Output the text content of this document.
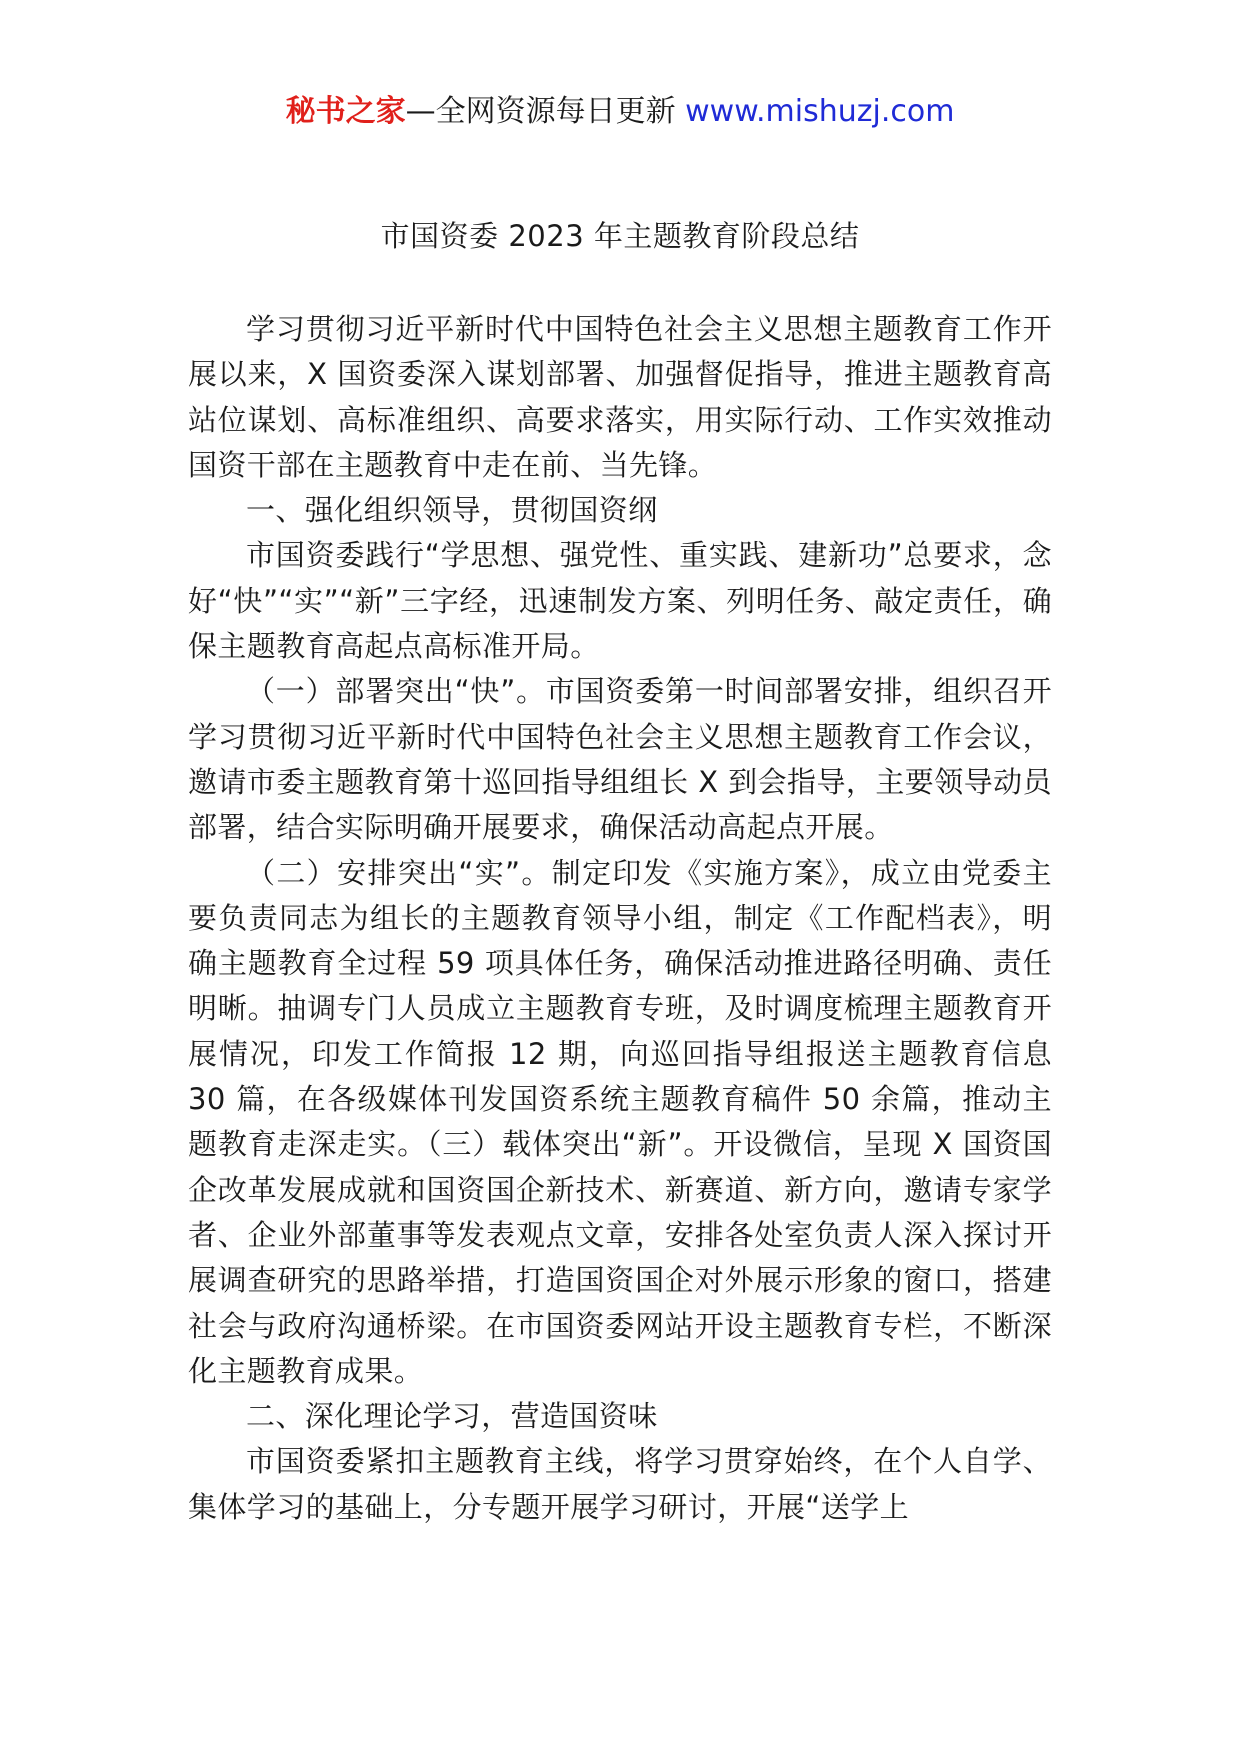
秘书之家—全网资源每日更新 www.mishuzj.com
市国资委 2023 年主题教育阶段总结

学习贯彻习近平新时代中国特色社会主义思想主题教育工作开展以来，X 国资委深入谋划部署、加强督促指导，推进主题教育高站位谋划、高标准组织、高要求落实，用实际行动、工作实效推动国资干部在主题教育中走在前、当先锋。

一、强化组织领导，贯彻国资纲

市国资委践行“学思想、强党性、重实践、建新功”总要求，念好“快”“实”“新”三字经，迅速制发方案、列明任务、敲定责任，确保主题教育高起点高标准开局。

（一）部署突出“快”。市国资委第一时间部署安排，组织召开学习贯彻习近平新时代中国特色社会主义思想主题教育工作会议，邀请市委主题教育第十巡回指导组组长 X 到会指导，主要领导动员部署，结合实际明确开展要求，确保活动高起点开展。

（二）安排突出“实”。制定印发《实施方案》，成立由党委主要负责同志为组长的主题教育领导小组，制定《工作配档表》，明确主题教育全过程 59 项具体任务，确保活动推进路径明确、责任明晰。抽调专门人员成立主题教育专班，及时调度梳理主题教育开展情况，印发工作简报 12 期，向巡回指导组报送主题教育信息 30 篇，在各级媒体刊发国资系统主题教育稿件 50 余篇，推动主题教育走深走实。（三）载体突出“新”。开设微信，呈现 X 国资国企改革发展成就和国资国企新技术、新赛道、新方向，邀请专家学者、企业外部董事等发表观点文章，安排各处室负责人深入探讨开展调查研究的思路举措，打造国资国企对外展示形象的窗口，搭建社会与政府沟通桥梁。在市国资委网站开设主题教育专栏，不断深化主题教育成果。

二、深化理论学习，营造国资味

市国资委紧扣主题教育主线，将学习贯穿始终，在个人自学、集体学习的基础上，分专题开展学习研讨，开展“送学上
